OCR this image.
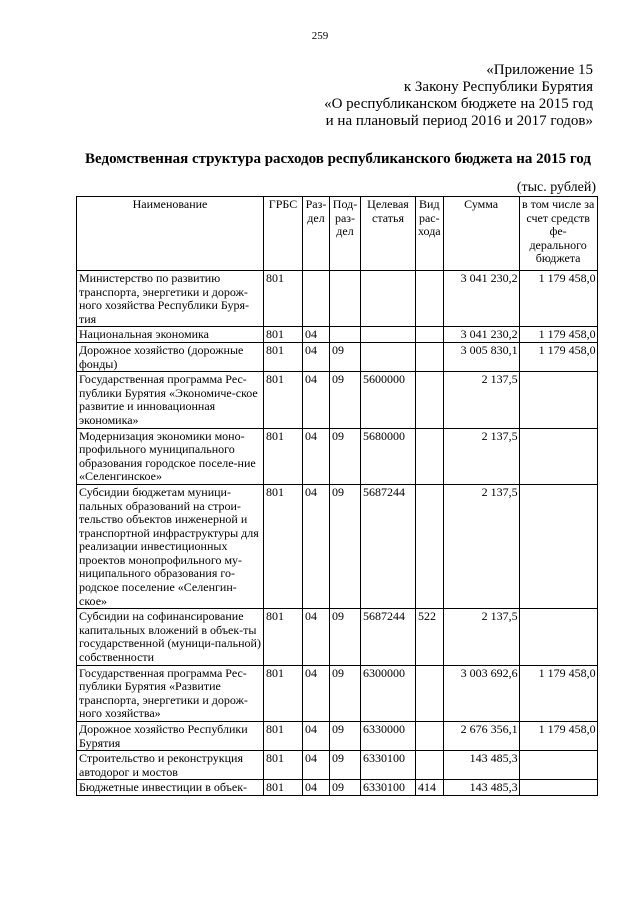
259
«Приложение 15
к Закону Республики Бурятия
«О республиканском бюджете на 2015 год
и на плановый период 2016 и 2017 годов»
Ведомственная структура расходов республиканского бюджета на 2015 год
(тыс. рублей)
Наименование	ГРБС	Раз-дел	Под-раз-дел	Целевая статья	Вид рас-хода	Сумма	в том числе за счет средств фе-дерального бюджета
Министерство по развитию транспорта, энергетики и дорож-ного хозяйства Республики Буря-тия	801					3 041 230,2	1 179 458,0
Национальная экономика	801	04				3 041 230,2	1 179 458,0
Дорожное хозяйство (дорожные фонды)	801	04	09			3 005 830,1	1 179 458,0
Государственная программа Рес-публики Бурятия «Экономиче-ское развитие и инновационная экономика»	801	04	09	5600000		2 137,5	
Модернизация экономики моно-профильного муниципального образования городское поселе-ние «Селенгинское»	801	04	09	5680000		2 137,5	
Субсидии бюджетам муници-пальных образований на строи-тельство объектов инженерной и транспортной инфраструктуры для реализации инвестиционных проектов монопрофильного му-ниципального образования го-родское поселение «Селенгин-ское»	801	04	09	5687244		2 137,5	
Субсидии на софинансирование капитальных вложений в объек-ты государственной (муници-пальной) собственности	801	04	09	5687244	522	2 137,5	
Государственная программа Рес-публики Бурятия «Развитие транспорта, энергетики и дорож-ного хозяйства»	801	04	09	6300000		3 003 692,6	1 179 458,0
Дорожное хозяйство Республики Бурятия	801	04	09	6330000		2 676 356,1	1 179 458,0
Строительство и реконструкция автодорог и мостов	801	04	09	6330100		143 485,3	
Бюджетные инвестиции в объек-	801	04	09	6330100	414	143 485,3	
